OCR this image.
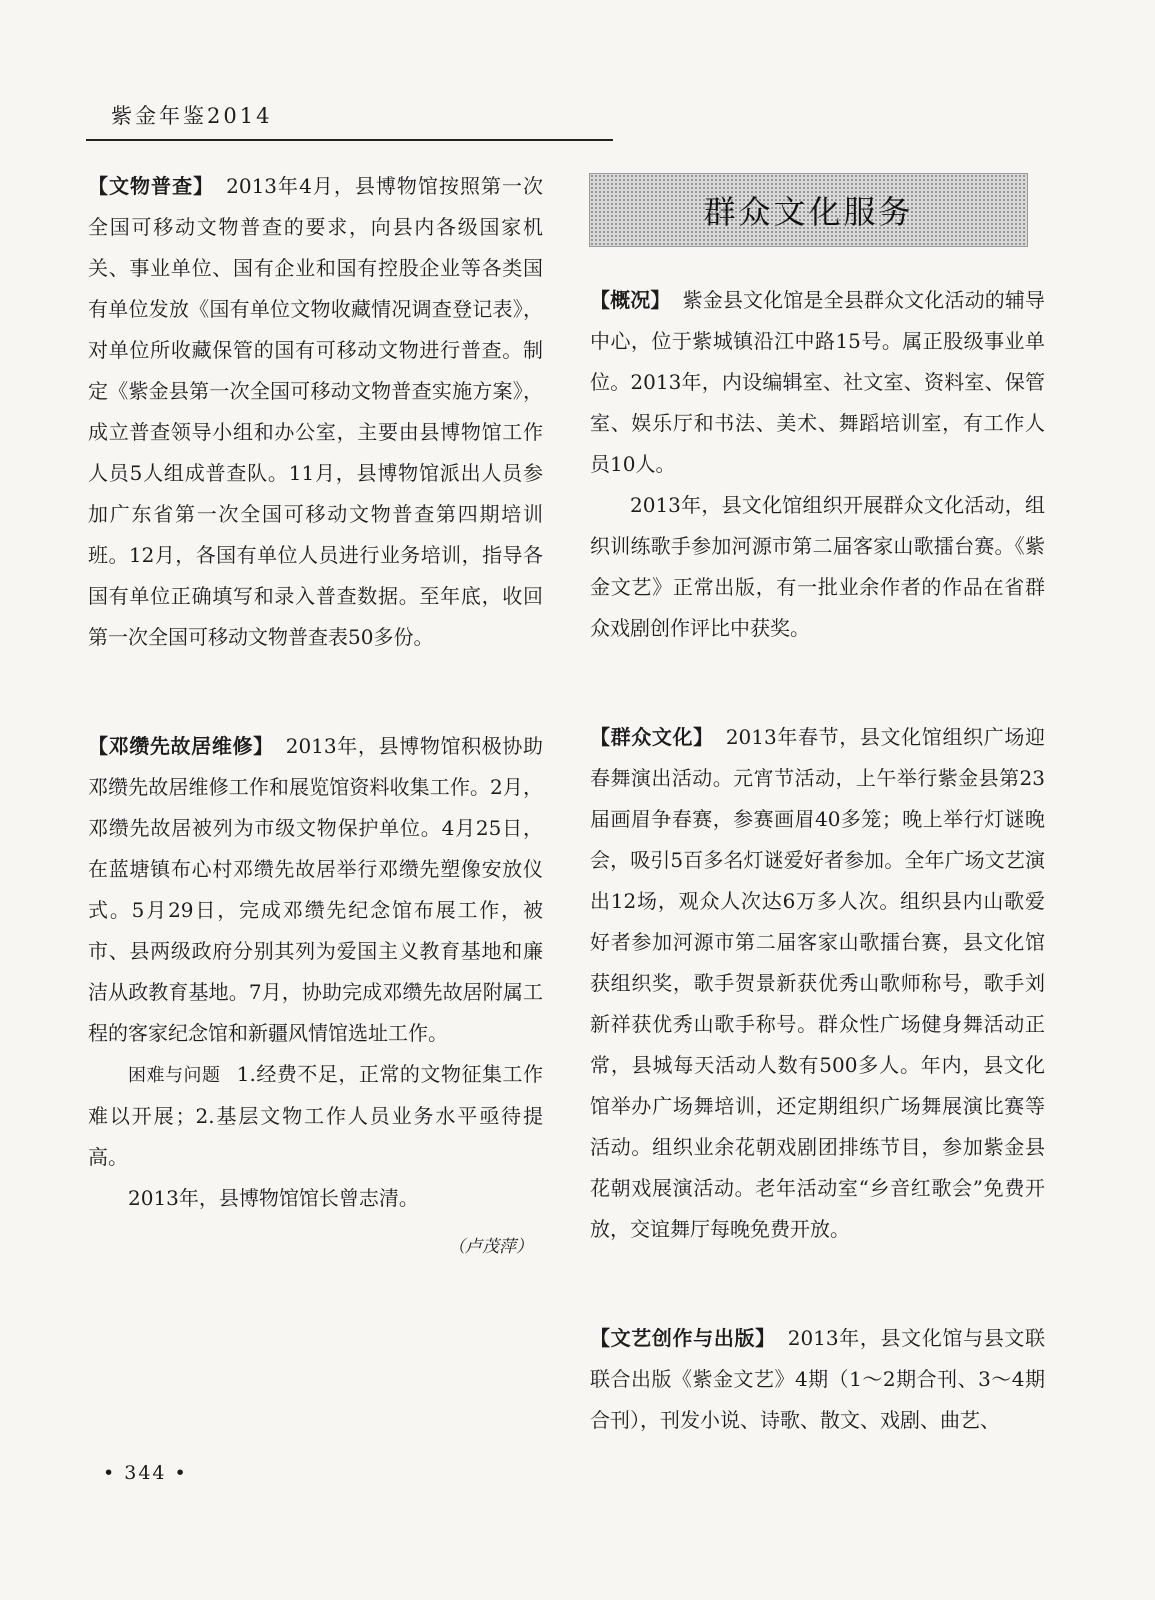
紫金年鉴2014

【文物普查】 2013年4月，县博物馆按照第一次全国可移动文物普查的要求，向县内各级国家机关、事业单位、国有企业和国有控股企业等各类国有单位发放《国有单位文物收藏情况调查登记表》，对单位所收藏保管的国有可移动文物进行普查。制定《紫金县第一次全国可移动文物普查实施方案》，成立普查领导小组和办公室，主要由县博物馆工作人员5人组成普查队。11月，县博物馆派出人员参加广东省第一次全国可移动文物普查第四期培训班。12月，各国有单位人员进行业务培训，指导各国有单位正确填写和录入普查数据。至年底，收回第一次全国可移动文物普查表50多份。

【邓缵先故居维修】 2013年，县博物馆积极协助邓缵先故居维修工作和展览馆资料收集工作。2月，邓缵先故居被列为市级文物保护单位。4月25日，在蓝塘镇布心村邓缵先故居举行邓缵先塑像安放仪式。5月29日，完成邓缵先纪念馆布展工作，被市、县两级政府分别其列为爱国主义教育基地和廉洁从政教育基地。7月，协助完成邓缵先故居附属工程的客家纪念馆和新疆风情馆选址工作。

困难与问题 1.经费不足，正常的文物征集工作难以开展；2.基层文物工作人员业务水平亟待提高。

2013年，县博物馆馆长曾志清。

（卢茂萍）
群众文化服务

【概况】 紫金县文化馆是全县群众文化活动的辅导中心，位于紫城镇沿江中路15号。属正股级事业单位。2013年，内设编辑室、社文室、资料室、保管室、娱乐厅和书法、美术、舞蹈培训室，有工作人员10人。

2013年，县文化馆组织开展群众文化活动，组织训练歌手参加河源市第二届客家山歌擂台赛。《紫金文艺》正常出版，有一批业余作者的作品在省群众戏剧创作评比中获奖。

【群众文化】 2013年春节，县文化馆组织广场迎春舞演出活动。元宵节活动，上午举行紫金县第23届画眉争春赛，参赛画眉40多笼；晚上举行灯谜晚会，吸引5百多名灯谜爱好者参加。全年广场文艺演出12场，观众人次达6万多人次。组织县内山歌爱好者参加河源市第二届客家山歌擂台赛，县文化馆获组织奖，歌手贺景新获优秀山歌师称号，歌手刘新祥获优秀山歌手称号。群众性广场健身舞活动正常，县城每天活动人数有500多人。年内，县文化馆举办广场舞培训，还定期组织广场舞展演比赛等活动。组织业余花朝戏剧团排练节目，参加紫金县花朝戏展演活动。老年活动室“乡音红歌会”免费开放，交谊舞厅每晚免费开放。

【文艺创作与出版】 2013年，县文化馆与县文联联合出版《紫金文艺》4期（1～2期合刊、3～4期合刊），刊发小说、诗歌、散文、戏剧、曲艺、

• 344 •
